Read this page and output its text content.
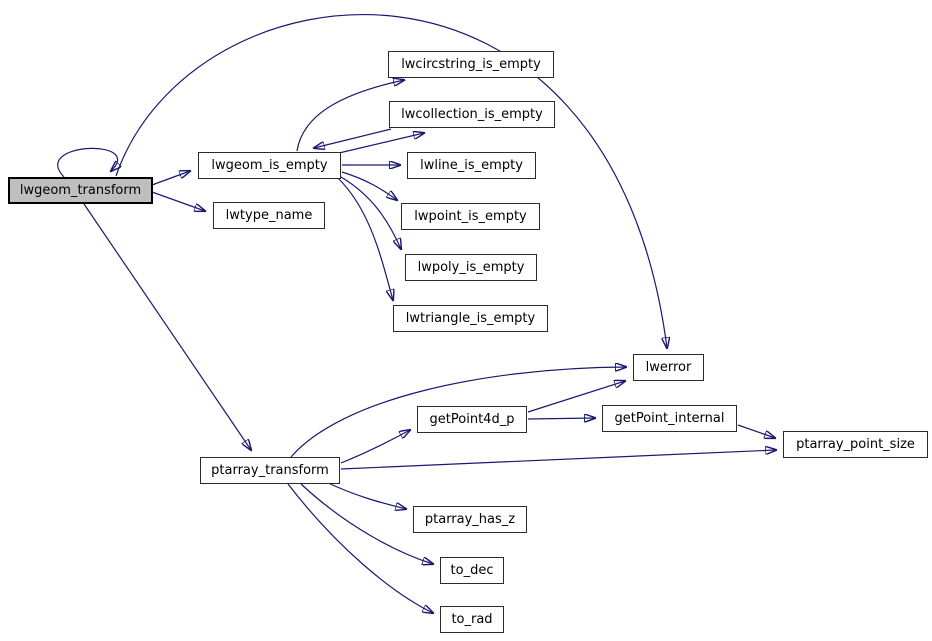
lwgeom_transform
lwgeom_is_empty
lwtype_name
lwcircstring_is_empty
lwcollection_is_empty
lwline_is_empty
lwpoint_is_empty
lwpoly_is_empty
lwtriangle_is_empty
lwerror
getPoint4d_p	getPoint_internal
ptarray_point_size
ptarray_transform
ptarray_has_z
to_dec
to_rad
